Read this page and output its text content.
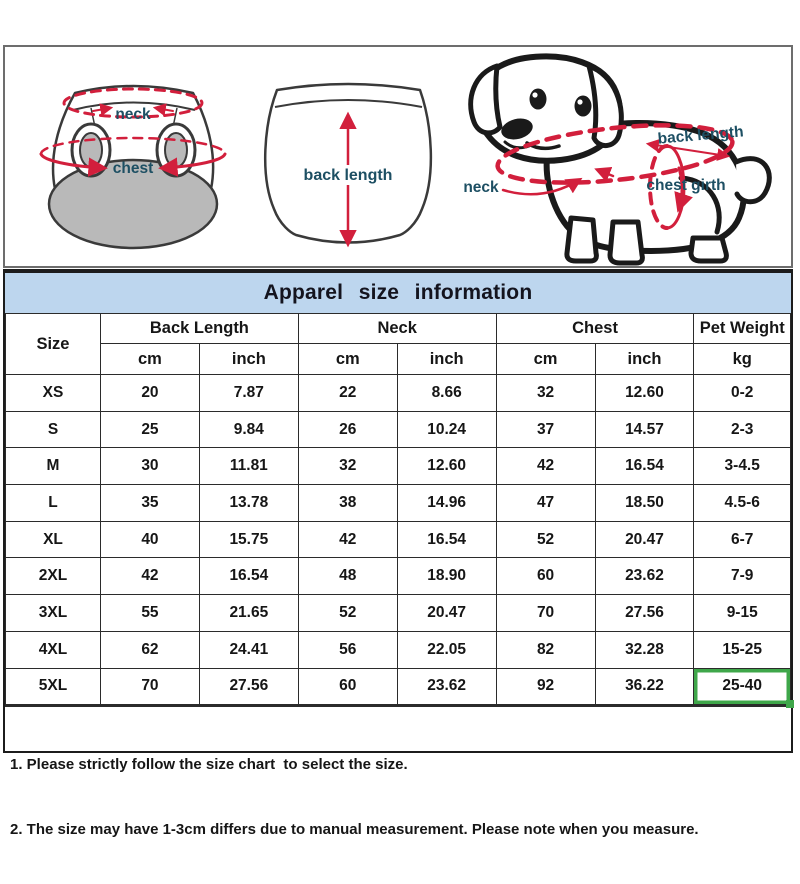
neck
chest	back length
neck	chest girth
back length
Apparel size information
Size	Back Length		Neck		Chest		Pet Weight
	cm	inch	cm	inch	cm	inch	kg
XS	20	7.87	22	8.66	32	12.60	0-2
S	25	9.84	26	10.24	37	14.57	2-3
M	30	11.81	32	12.60	42	16.54	3-4.5
L	35	13.78	38	14.96	47	18.50	4.5-6
XL	40	15.75	42	16.54	52	20.47	6-7
2XL	42	16.54	48	18.90	60	23.62	7-9
3XL	55	21.65	52	20.47	70	27.56	9-15
4XL	62	24.41	56	22.05	82	32.28	15-25
5XL	70	27.56	60	23.62	92	36.22	25-40

1. Please strictly follow the size chart  to select the size.

2. The size may have 1-3cm differs due to manual measurement. Please note when you measure.
